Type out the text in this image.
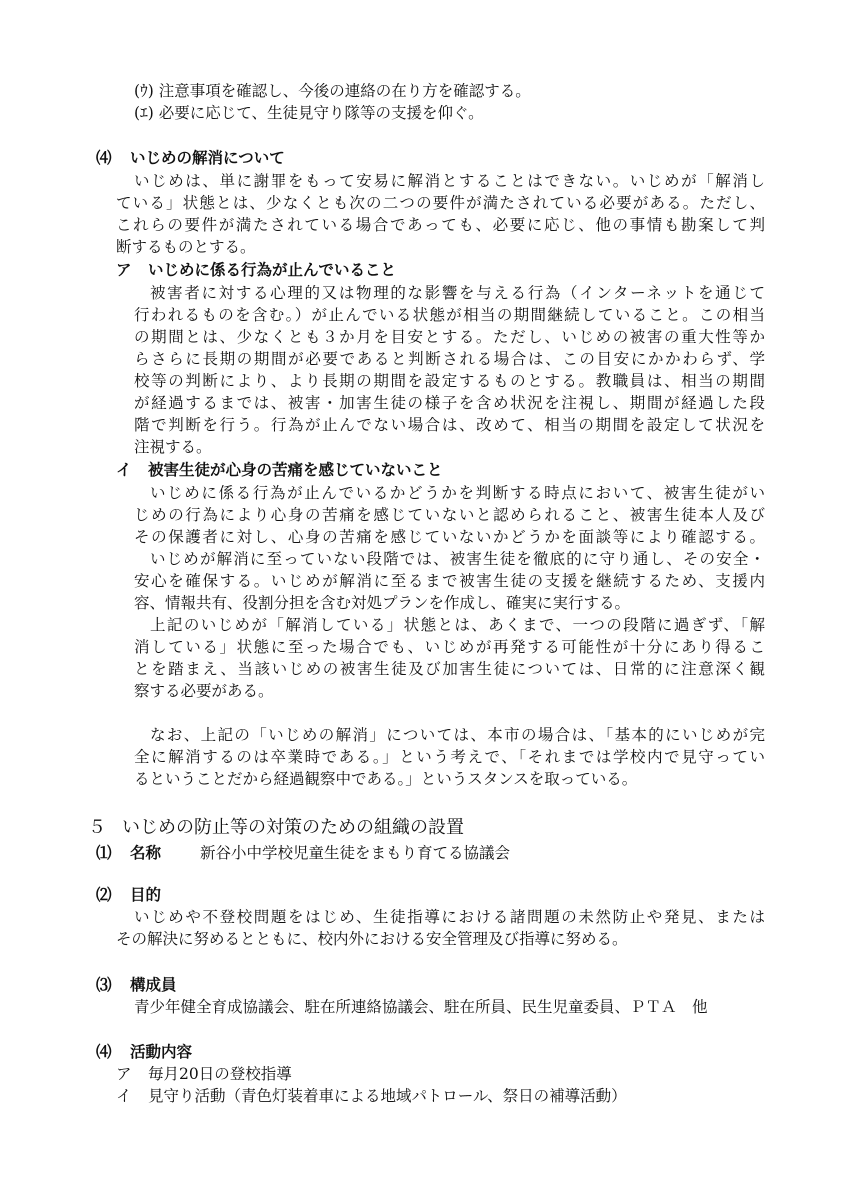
(ｳ) 注意事項を確認し、今後の連絡の在り方を確認する。
(ｴ) 必要に応じて、生徒見守り隊等の支援を仰ぐ。
⑷ いじめの解消について
いじめは、単に謝罪をもって安易に解消とすることはできない。いじめが「解消し
ている」状態とは、少なくとも次の二つの要件が満たされている必要がある。ただし、
これらの要件が満たされている場合であっても、必要に応じ、他の事情も勘案して判
断するものとする。
ア いじめに係る行為が止んでいること
被害者に対する心理的又は物理的な影響を与える行為（インターネットを通じて
行われるものを含む。）が止んでいる状態が相当の期間継続していること。この相当
の期間とは、少なくとも３か月を目安とする。ただし、いじめの被害の重大性等か
らさらに長期の期間が必要であると判断される場合は、この目安にかかわらず、学
校等の判断により、より長期の期間を設定するものとする。教職員は、相当の期間
が経過するまでは、被害・加害生徒の様子を含め状況を注視し、期間が経過した段
階で判断を行う。行為が止んでない場合は、改めて、相当の期間を設定して状況を
注視する。
イ 被害生徒が心身の苦痛を感じていないこと
いじめに係る行為が止んでいるかどうかを判断する時点において、被害生徒がい
じめの行為により心身の苦痛を感じていないと認められること、被害生徒本人及び
その保護者に対し、心身の苦痛を感じていないかどうかを面談等により確認する。
いじめが解消に至っていない段階では、被害生徒を徹底的に守り通し、その安全・
安心を確保する。いじめが解消に至るまで被害生徒の支援を継続するため、支援内
容、情報共有、役割分担を含む対処プランを作成し、確実に実行する。
上記のいじめが「解消している」状態とは、あくまで、一つの段階に過ぎず、「解
消している」状態に至った場合でも、いじめが再発する可能性が十分にあり得るこ
とを踏まえ、当該いじめの被害生徒及び加害生徒については、日常的に注意深く観
察する必要がある。
なお、上記の「いじめの解消」については、本市の場合は、「基本的にいじめが完
全に解消するのは卒業時である。」という考えで、「それまでは学校内で見守ってい
るということだから経過観察中である。」というスタンスを取っている。
５ いじめの防止等の対策のための組織の設置
⑴ 名称	新谷小中学校児童生徒をまもり育てる協議会
⑵ 目的
いじめや不登校問題をはじめ、生徒指導における諸問題の未然防止や発見、または
その解決に努めるとともに、校内外における安全管理及び指導に努める。
⑶ 構成員
青少年健全育成協議会、駐在所連絡協議会、駐在所員、民生児童委員、ＰＴＡ　他
⑷ 活動内容
ア 毎月20日の登校指導
イ 見守り活動（青色灯装着車による地域パトロール、祭日の補導活動）
